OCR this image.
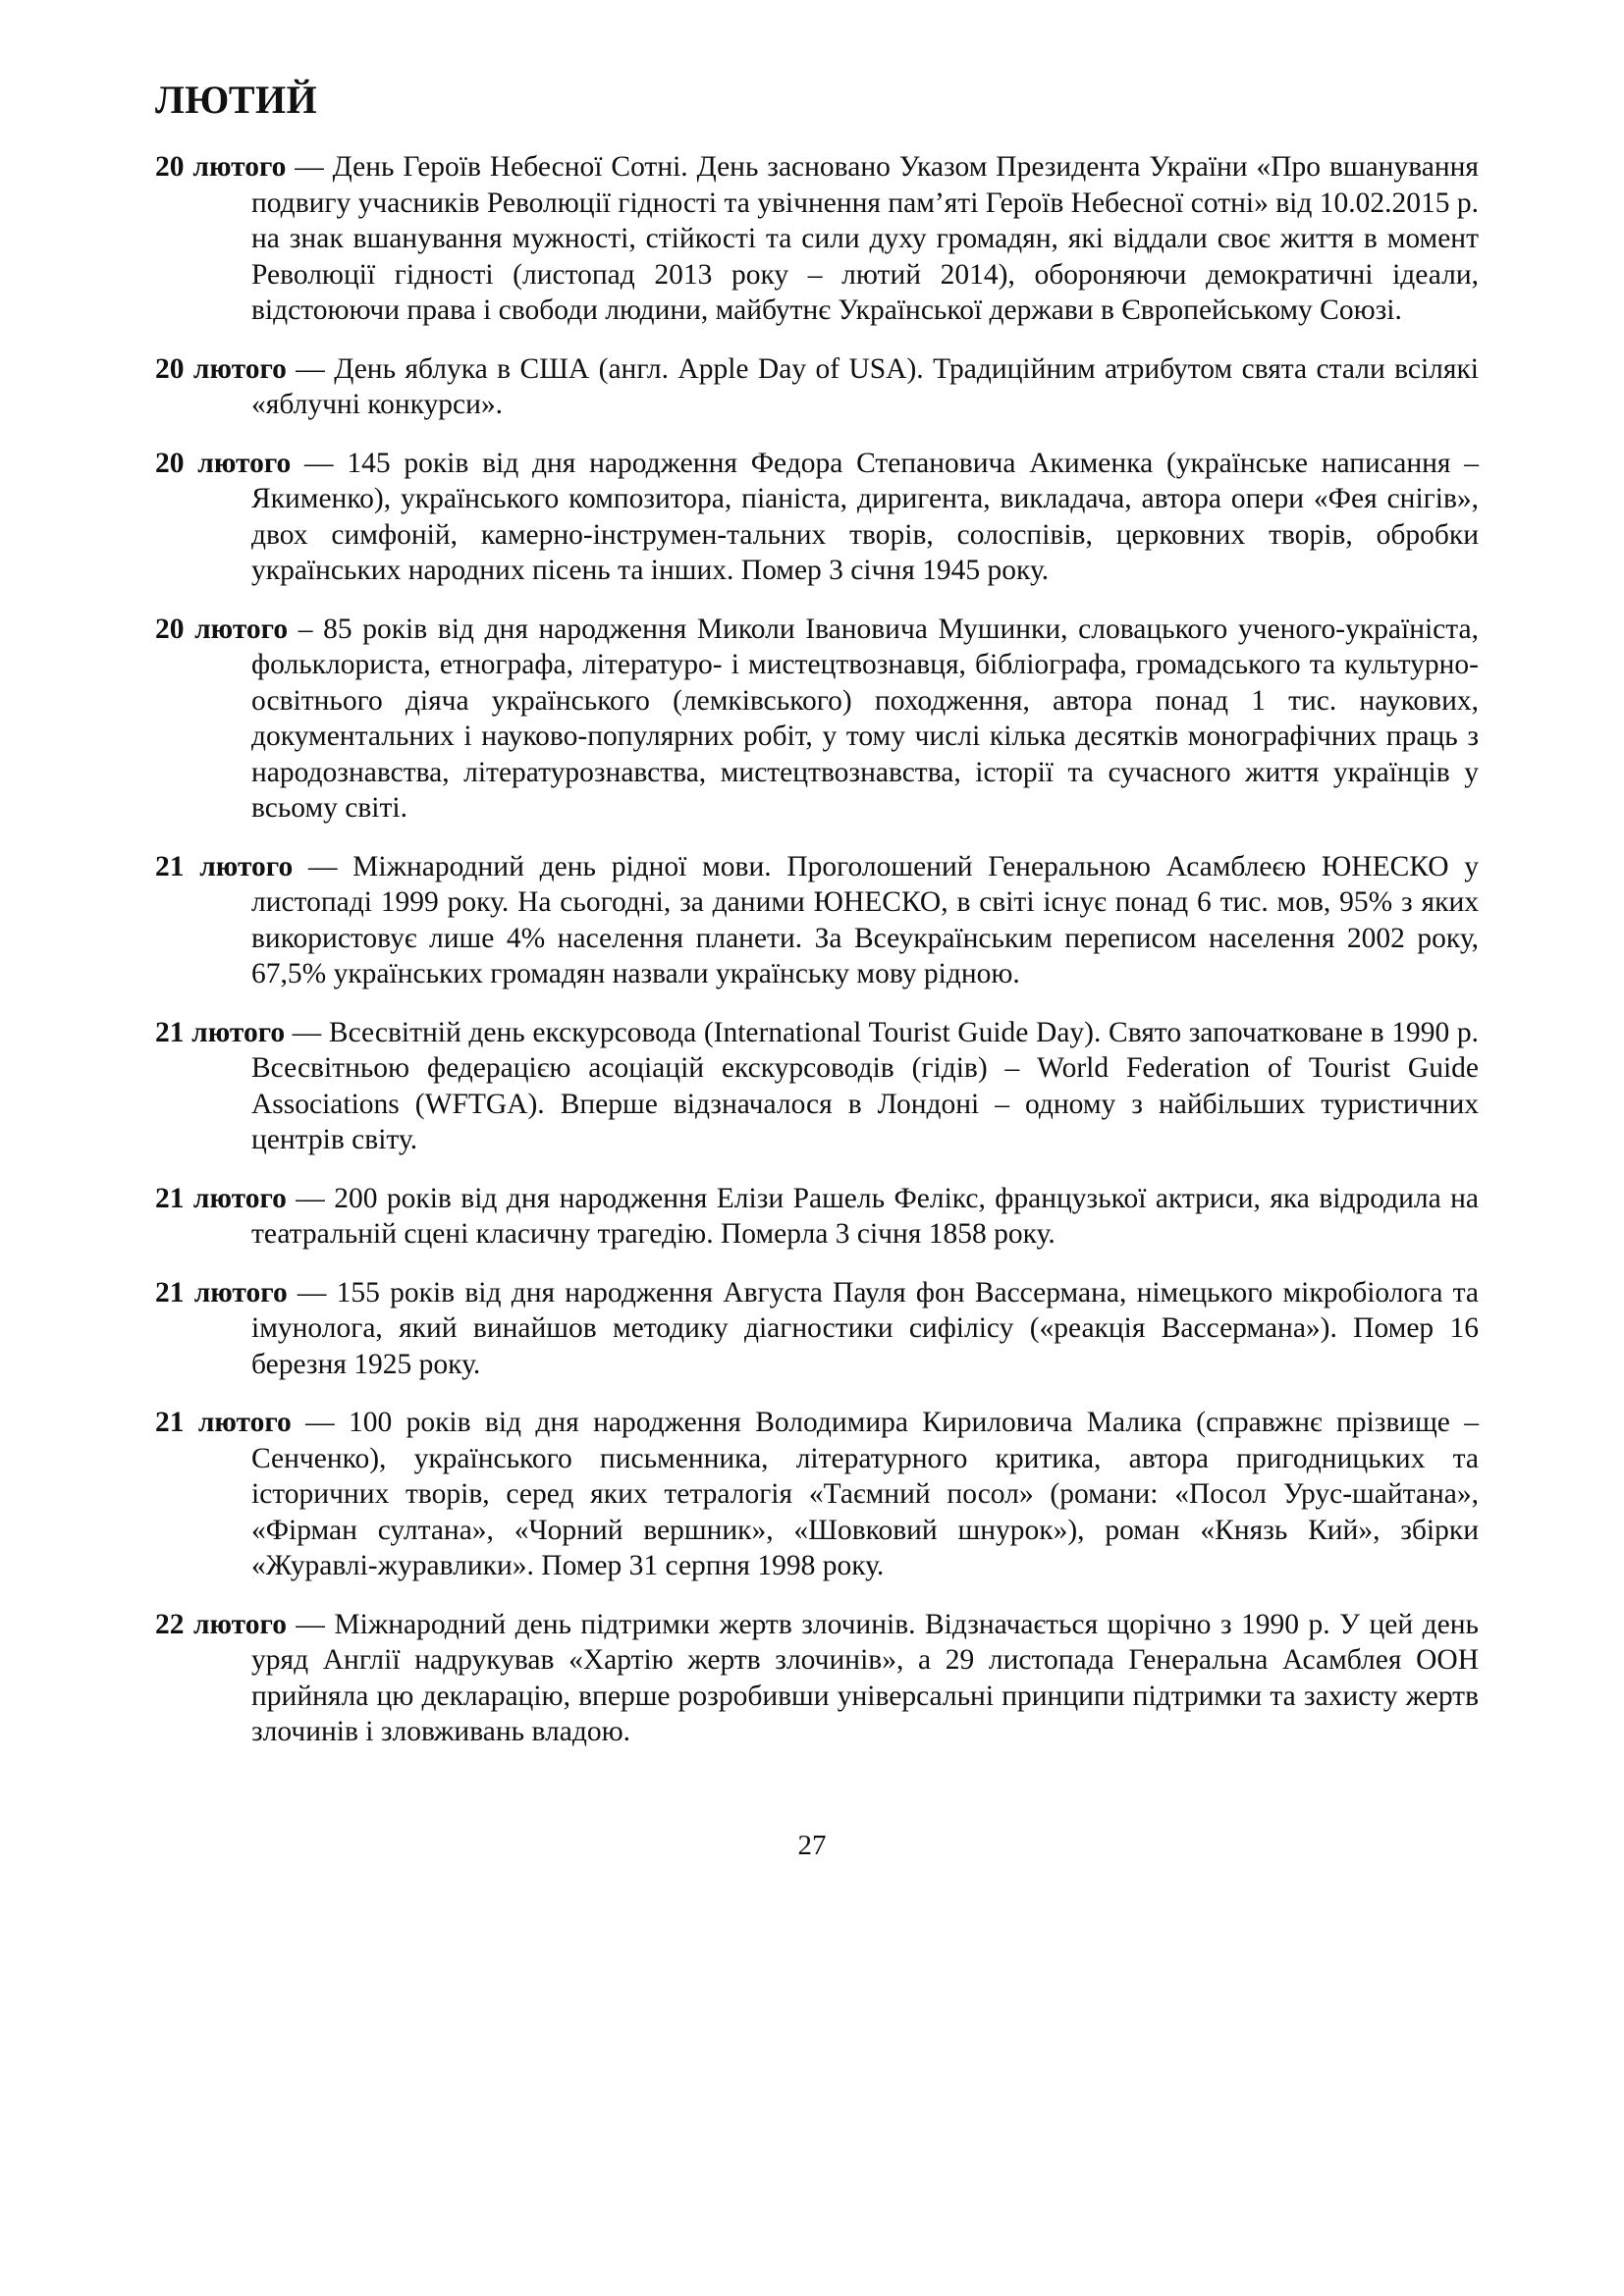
ЛЮТИЙ

20 лютого — День Героїв Небесної Сотні. День засновано Указом Президента України «Про вшанування подвигу учасників Революції гідності та увічнення пам’яті Героїв Небесної сотні» від 10.02.2015 р. на знак вшанування мужності, стійкості та сили духу громадян, які віддали своє життя в момент Революції гідності (листопад 2013 року – лютий 2014), обороняючи демократичні ідеали, відстоюючи права і свободи людини, майбутнє Української держави в Європейському Союзі.

20 лютого — День яблука в США (англ. Apple Day of USA). Традиційним атрибутом свята стали всілякі «яблучні конкурси».

20 лютого — 145 років від дня народження Федора Степановича Акименка (українське написання – Якименко), українського композитора, піаніста, диригента, викладача, автора опери «Фея снігів», двох симфоній, камерно-інструмен-тальних творів, солоспівів, церковних творів, обробки українських народних пісень та інших. Помер 3 січня 1945 року.

20 лютого – 85 років від дня народження Миколи Івановича Мушинки, словацького ученого-україніста, фольклориста, етнографа, літературо- і мистецтвознавця, бібліографа, громадського та культурно-освітнього діяча українського (лемківського) походження, автора понад 1 тис. наукових, документальних і науково-популярних робіт, у тому числі кілька десятків монографічних праць з народознавства, літературознавства, мистецтвознавства, історії та сучасного життя українців у всьому світі.

21 лютого — Міжнародний день рідної мови. Проголошений Генеральною Асамблеєю ЮНЕСКО у листопаді 1999 року. На сьогодні, за даними ЮНЕСКО, в світі існує понад 6 тис. мов, 95% з яких використовує лише 4% населення планети. За Всеукраїнським переписом населення 2002 року, 67,5% українських громадян назвали українську мову рідною.

21 лютого — Всесвітній день екскурсовода (International Tourist Guide Day). Свято започатковане в 1990 р. Всесвітньою федерацією асоціацій екскурсоводів (гідів) – World Federation of Tourist Guide Associations (WFTGA). Вперше відзначалося в Лондоні – одному з найбільших туристичних центрів світу.

21 лютого — 200 років від дня народження Елізи Рашель Фелікс, французької актриси, яка відродила на театральній сцені класичну трагедію. Померла 3 січня 1858 року.

21 лютого — 155 років від дня народження Августа Пауля фон Вассермана, німецького мікробіолога та імунолога, який винайшов методику діагностики сифілісу («реакція Вассермана»). Помер 16 березня 1925 року.

21 лютого — 100 років від дня народження Володимира Кириловича Малика (справжнє прізвище – Сенченко), українського письменника, літературного критика, автора пригодницьких та історичних творів, серед яких тетралогія «Таємний посол» (романи: «Посол Урус-шайтана», «Фірман султана», «Чорний вершник», «Шовковий шнурок»), роман «Князь Кий», збірки «Журавлі-журавлики». Помер 31 серпня 1998 року.

22 лютого — Міжнародний день підтримки жертв злочинів. Відзначається щорічно з 1990 р. У цей день уряд Англії надрукував «Хартію жертв злочинів», а 29 листопада Генеральна Асамблея ООН прийняла цю декларацію, вперше розробивши універсальні принципи підтримки та захисту жертв злочинів і зловживань владою.

27
